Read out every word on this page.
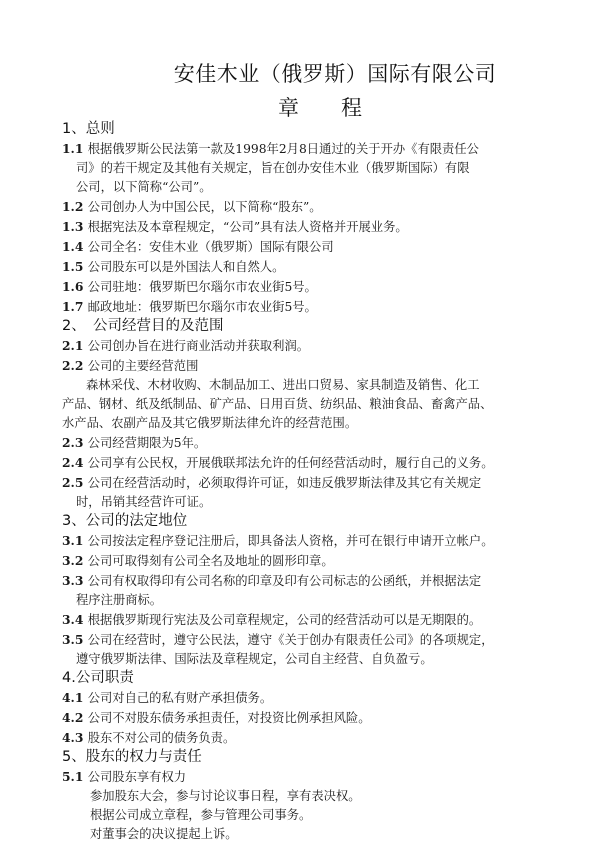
安佳木业（俄罗斯）国际有限公司
章　　程
1、总则
1.1 根据俄罗斯公民法第一款及1998年2月8日通过的关于开办《有限责任公
司》的若干规定及其他有关规定，旨在创办安佳木业（俄罗斯国际）有限
公司，以下简称“公司”。
1.2 公司创办人为中国公民，以下简称“股东”。
1.3 根据宪法及本章程规定，“公司”具有法人资格并开展业务。
1.4 公司全名：安佳木业（俄罗斯）国际有限公司
1.5 公司股东可以是外国法人和自然人。
1.6 公司驻地：俄罗斯巴尔瑙尔市农业街5号。
1.7 邮政地址：俄罗斯巴尔瑙尔市农业街5号。
2、　公司经营目的及范围
2.1 公司创办旨在进行商业活动并获取利润。
2.2 公司的主要经营范围
森林采伐、木材收购、木制品加工、进出口贸易、家具制造及销售、化工
产品、钢材、纸及纸制品、矿产品、日用百货、纺织品、粮油食品、畜禽产品、
水产品、农副产品及其它俄罗斯法律允许的经营范围。
2.3 公司经营期限为5年。
2.4 公司享有公民权，开展俄联邦法允许的任何经营活动时，履行自己的义务。
2.5 公司在经营活动时，必须取得许可证，如违反俄罗斯法律及其它有关规定
时，吊销其经营许可证。
3、公司的法定地位
3.1 公司按法定程序登记注册后，即具备法人资格，并可在银行申请开立帐户。
3.2 公司可取得刻有公司全名及地址的圆形印章。
3.3 公司有权取得印有公司名称的印章及印有公司标志的公函纸，并根据法定
程序注册商标。
3.4 根据俄罗斯现行宪法及公司章程规定，公司的经营活动可以是无期限的。
3.5 公司在经营时，遵守公民法，遵守《关于创办有限责任公司》的各项规定，
遵守俄罗斯法律、国际法及章程规定，公司自主经营、自负盈亏。
4.公司职责
4.1 公司对自己的私有财产承担债务。
4.2 公司不对股东债务承担责任，对投资比例承担风险。
4.3 股东不对公司的债务负责。
5、股东的权力与责任
5.1 公司股东享有权力
参加股东大会，参与讨论议事日程，享有表决权。
根据公司成立章程，参与管理公司事务。
对董事会的决议提起上诉。
